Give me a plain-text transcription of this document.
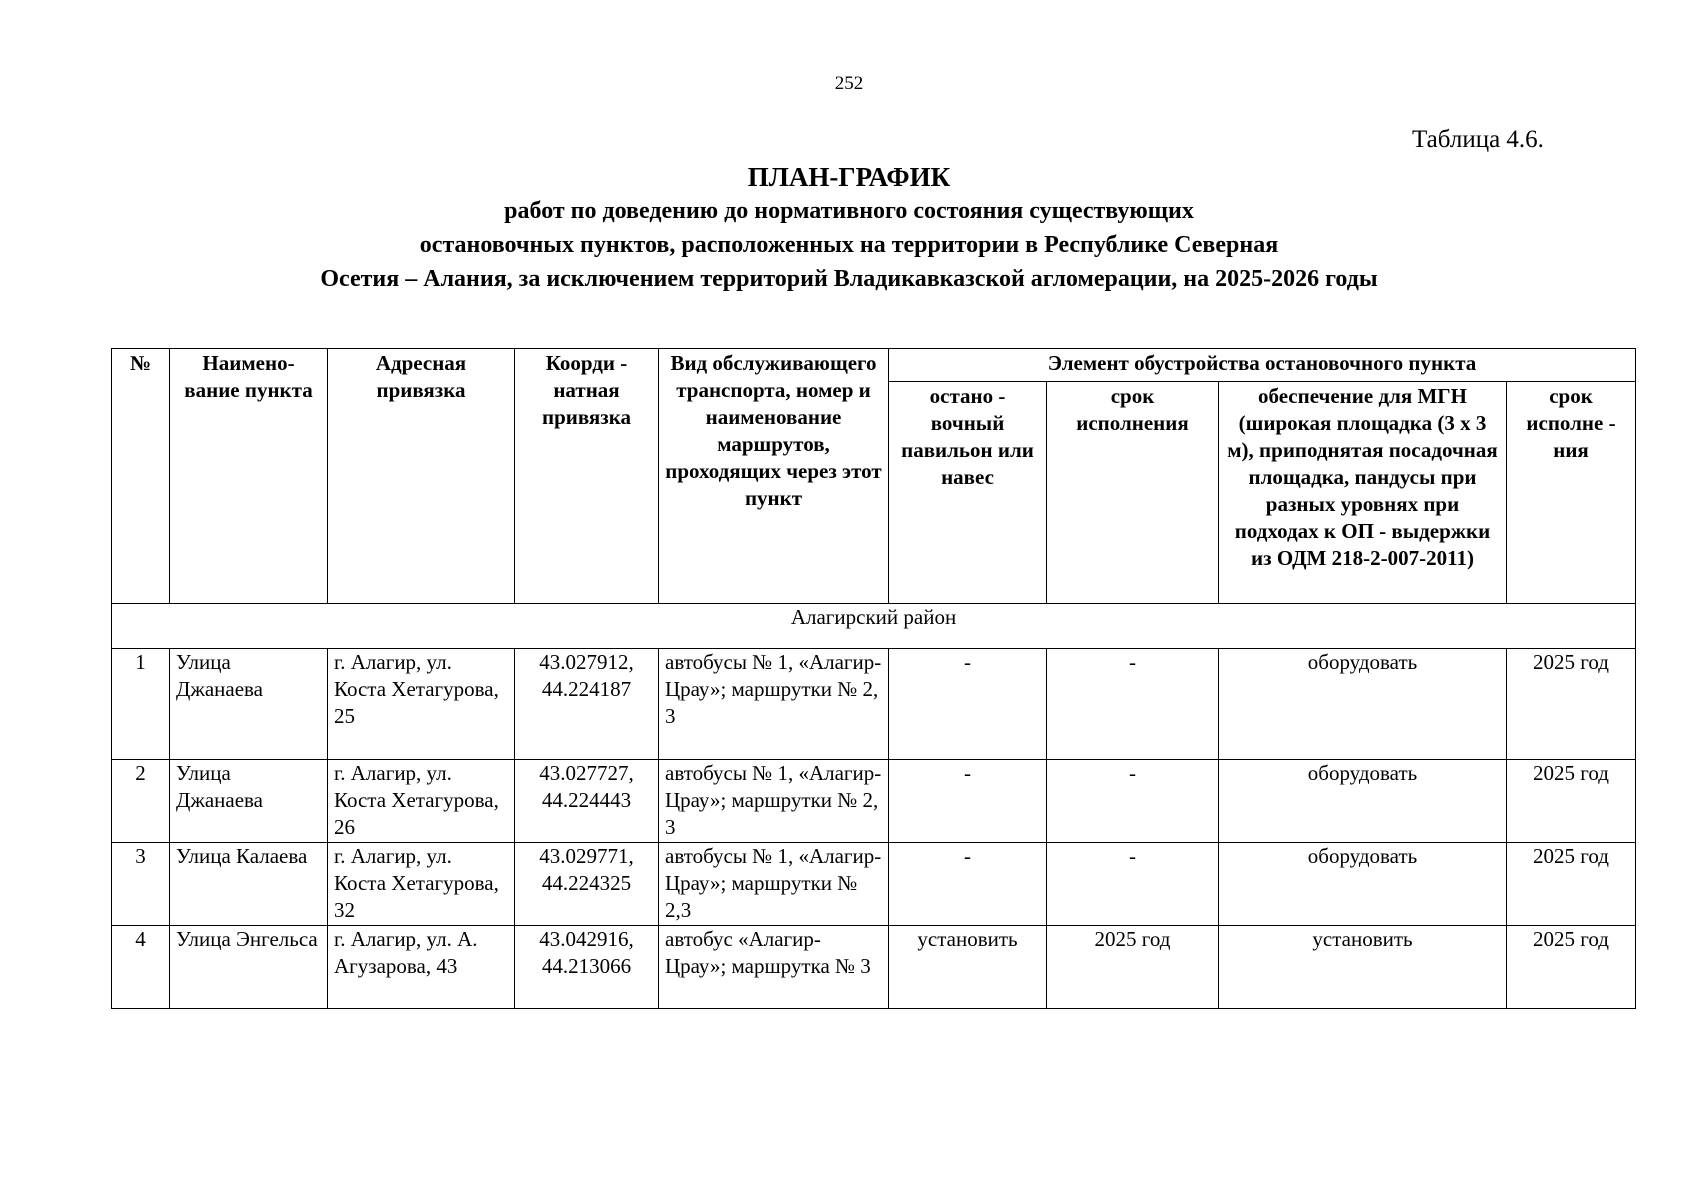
252
Таблица 4.6.
ПЛАН-ГРАФИК
работ по доведению до нормативного состояния существующих
остановочных пунктов, расположенных на территории в Республике Северная
Осетия – Алания, за исключением территорий Владикавказской агломерации, на 2025-2026 годы
№	Наимено-вание пункта	Адресная привязка	Коорди - натная привязка	Вид обслуживающего транспорта, номер и наименование маршрутов, проходящих через этот пункт	Элемент обустройства остановочного пункта			
					остано - вочный павильон или навес	срок исполнения	обеспечение для МГН (широкая площадка (3 х 3 м), приподнятая посадочная площадка, пандусы при разных уровнях при подходах к ОП - выдержки из ОДМ 218-2-007-2011)	срок исполне - ния
Алагирский район								
1	Улица Джанаева	г. Алагир, ул. Коста Хетагурова, 25	43.027912, 44.224187	автобусы № 1, «Алагир-Црау»; маршрутки № 2, 3	-	-	оборудовать	2025 год
2	Улица Джанаева	г. Алагир, ул. Коста Хетагурова, 26	43.027727, 44.224443	автобусы № 1, «Алагир-Црау»; маршрутки № 2, 3	-	-	оборудовать	2025 год
3	Улица Калаева	г. Алагир, ул. Коста Хетагурова, 32	43.029771, 44.224325	автобусы № 1, «Алагир-Црау»; маршрутки № 2,3	-	-	оборудовать	2025 год
4	Улица Энгельса	г. Алагир, ул. А. Агузарова, 43	43.042916, 44.213066	автобус «Алагир-Црау»; маршрутка № 3	установить	2025 год	установить	2025 год
